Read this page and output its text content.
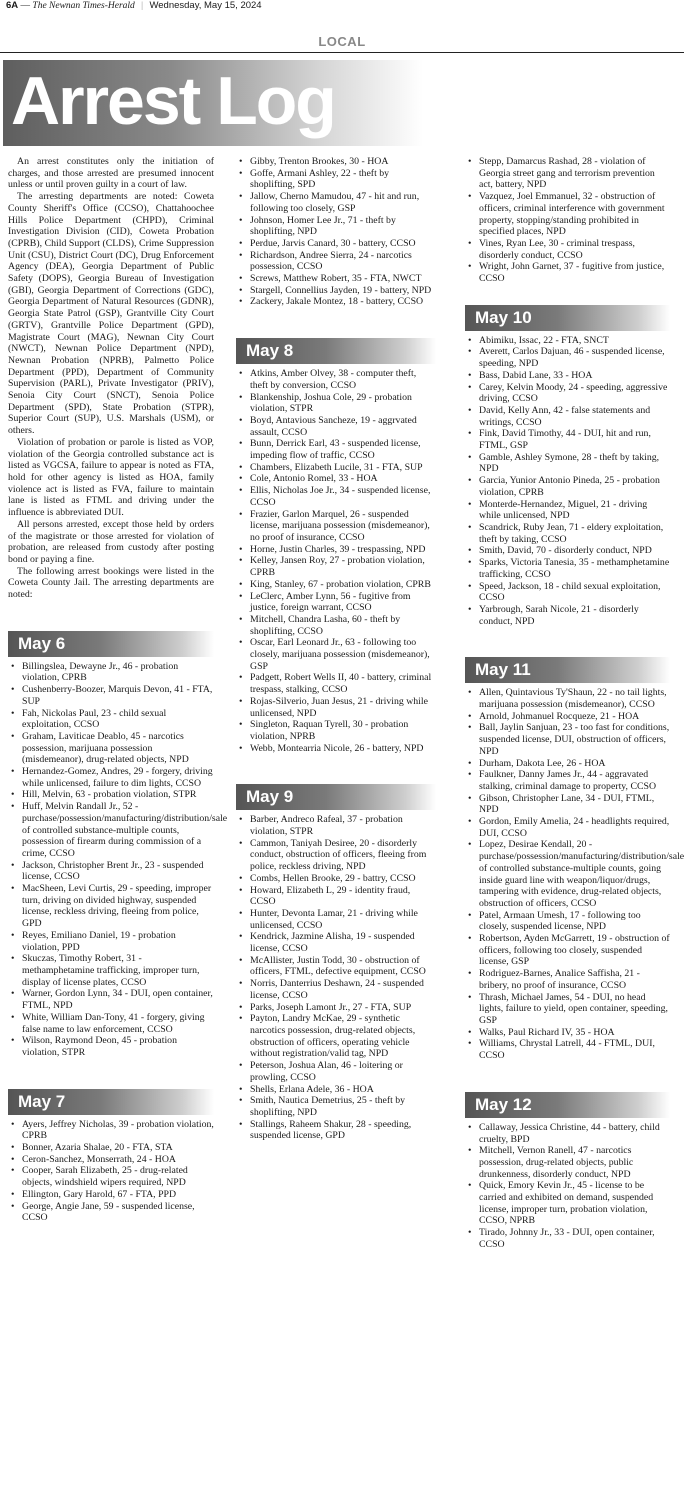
6A — The Newnan Times-Herald | Wednesday, May 15, 2024
LOCAL
Arrest Log

An arrest constitutes only the initiation of charges, and those arrested are presumed innocent unless or until proven guilty in a court of law.

The arresting departments are noted: Coweta County Sheriff's Office (CCSO), Chattahoochee Hills Police Department (CHPD), Criminal Investigation Division (CID), Coweta Probation (CPRB), Child Support (CLDS), Crime Suppression Unit (CSU), District Court (DC), Drug Enforcement Agency (DEA), Georgia Department of Public Safety (DOPS), Georgia Bureau of Investigation (GBI), Georgia Department of Corrections (GDC), Georgia Department of Natural Resources (GDNR), Georgia State Patrol (GSP), Grantville City Court (GRTV), Grantville Police Department (GPD), Magistrate Court (MAG), Newnan City Court (NWCT), Newnan Police Department (NPD), Newnan Probation (NPRB), Palmetto Police Department (PPD), Department of Community Supervision (PARL), Private Investigator (PRIV), Senoia City Court (SNCT), Senoia Police Department (SPD), State Probation (STPR), Superior Court (SUP), U.S. Marshals (USM), or others.

Violation of probation or parole is listed as VOP, violation of the Georgia controlled substance act is listed as VGCSA, failure to appear is noted as FTA, hold for other agency is listed as HOA, family violence act is listed as FVA, failure to maintain lane is listed as FTML and driving under the influence is abbreviated DUI.

All persons arrested, except those held by orders of the magistrate or those arrested for violation of probation, are released from custody after posting bond or paying a fine.

The following arrest bookings were listed in the Coweta County Jail. The arresting departments are noted:

May 6
• Billingslea, Dewayne Jr., 46 - probation violation, CPRB
• Cushenberry-Boozer, Marquis Devon, 41 - FTA, SUP
• Fah, Nickolas Paul, 23 - child sexual exploitation, CCSO
• Graham, Laviticae Deablo, 45 - narcotics possession, marijuana possession (misdemeanor), drug-related objects, NPD
• Hernandez-Gomez, Andres, 29 - forgery, driving while unlicensed, failure to dim lights, CCSO
• Hill, Melvin, 63 - probation violation, STPR
• Huff, Melvin Randall Jr., 52 - purchase/possession/manufacturing/distribution/sale of controlled substance-multiple counts, possession of firearm during commission of a crime, CCSO
• Jackson, Christopher Brent Jr., 23 - suspended license, CCSO
• MacSheen, Levi Curtis, 29 - speeding, improper turn, driving on divided highway, suspended license, reckless driving, fleeing from police, GPD
• Reyes, Emiliano Daniel, 19 - probation violation, PPD
• Skuczas, Timothy Robert, 31 - methamphetamine trafficking, improper turn, display of license plates, CCSO
• Warner, Gordon Lynn, 34 - DUI, open container, FTML, NPD
• White, William Dan-Tony, 41 - forgery, giving false name to law enforcement, CCSO
• Wilson, Raymond Deon, 45 - probation violation, STPR
May 7
• Ayers, Jeffrey Nicholas, 39 - probation violation, CPRB
• Bonner, Azaria Shalae, 20 - FTA, STA
• Ceron-Sanchez, Monserrath, 24 - HOA
• Cooper, Sarah Elizabeth, 25 - drug-related objects, windshield wipers required, NPD
• Ellington, Gary Harold, 67 - FTA, PPD
• George, Angie Jane, 59 - suspended license, CCSO
• Gibby, Trenton Brookes, 30 - HOA
• Goffe, Armani Ashley, 22 - theft by shoplifting, SPD
• Jallow, Cherno Mamudou, 47 - hit and run, following too closely, GSP
• Johnson, Homer Lee Jr., 71 - theft by shoplifting, NPD
• Perdue, Jarvis Canard, 30 - battery, CCSO
• Richardson, Andree Sierra, 24 - narcotics possession, CCSO
• Screws, Matthew Robert, 35 - FTA, NWCT
• Stargell, Connellius Jayden, 19 - battery, NPD
• Zackery, Jakale Montez, 18 - battery, CCSO
May 8
• Atkins, Amber Olvey, 38 - computer theft, theft by conversion, CCSO
• Blankenship, Joshua Cole, 29 - probation violation, STPR
• Boyd, Antavious Sancheze, 19 - aggrvated assault, CCSO
• Bunn, Derrick Earl, 43 - suspended license, impeding flow of traffic, CCSO
• Chambers, Elizabeth Lucile, 31 - FTA, SUP
• Cole, Antonio Romel, 33 - HOA
• Ellis, Nicholas Joe Jr., 34 - suspended license, CCSO
• Frazier, Garlon Marquel, 26 - suspended license, marijuana possession (misdemeanor), no proof of insurance, CCSO
• Horne, Justin Charles, 39 - trespassing, NPD
• Kelley, Jansen Roy, 27 - probation violation, CPRB
• King, Stanley, 67 - probation violation, CPRB
• LeClerc, Amber Lynn, 56 - fugitive from justice, foreign warrant, CCSO
• Mitchell, Chandra Lasha, 60 - theft by shoplifting, CCSO
• Oscar, Earl Leonard Jr., 63 - following too closely, marijuana possession (misdemeanor), GSP
• Padgett, Robert Wells II, 40 - battery, criminal trespass, stalking, CCSO
• Rojas-Silverio, Juan Jesus, 21 - driving while unlicensed, NPD
• Singleton, Raquan Tyrell, 30 - probation violation, NPRB
• Webb, Montearria Nicole, 26 - battery, NPD
May 9
• Barber, Andreco Rafeal, 37 - probation violation, STPR
• Cammon, Taniyah Desiree, 20 - disorderly conduct, obstruction of officers, fleeing from police, reckless driving, NPD
• Combs, Hellen Brooke, 29 - battry, CCSO
• Howard, Elizabeth L, 29 - identity fraud, CCSO
• Hunter, Devonta Lamar, 21 - driving while unlicensed, CCSO
• Kendrick, Jazmine Alisha, 19 - suspended license, CCSO
• McAllister, Justin Todd, 30 - obstruction of officers, FTML, defective equipment, CCSO
• Norris, Danterrius Deshawn, 24 - suspended license, CCSO
• Parks, Joseph Lamont Jr., 27 - FTA, SUP
• Payton, Landry McKae, 29 - synthetic narcotics possession, drug-related objects, obstruction of officers, operating vehicle without registration/valid tag, NPD
• Peterson, Joshua Alan, 46 - loitering or prowling, CCSO
• Shells, Erlana Adele, 36 - HOA
• Smith, Nautica Demetrius, 25 - theft by shoplifting, NPD
• Stallings, Raheem Shakur, 28 - speeding, suspended license, GPD
• Stepp, Damarcus Rashad, 28 - violation of Georgia street gang and terrorism prevention act, battery, NPD
• Vazquez, Joel Emmanuel, 32 - obstruction of officers, criminal interference with government property, stopping/standing prohibited in specified places, NPD
• Vines, Ryan Lee, 30 - criminal trespass, disorderly conduct, CCSO
• Wright, John Garnet, 37 - fugitive from justice, CCSO
May 10
• Abimiku, Issac, 22 - FTA, SNCT
• Averett, Carlos Dajuan, 46 - suspended license, speeding, NPD
• Bass, Dabid Lane, 33 - HOA
• Carey, Kelvin Moody, 24 - speeding, aggressive driving, CCSO
• David, Kelly Ann, 42 - false statements and writings, CCSO
• Fink, David Timothy, 44 - DUI, hit and run, FTML, GSP
• Gamble, Ashley Symone, 28 - theft by taking, NPD
• Garcia, Yunior Antonio Pineda, 25 - probation violation, CPRB
• Monterde-Hernandez, Miguel, 21 - driving while unlicensed, NPD
• Scandrick, Ruby Jean, 71 - eldery exploitation, theft by taking, CCSO
• Smith, David, 70 - disorderly conduct, NPD
• Sparks, Victoria Tanesia, 35 - methamphetamine trafficking, CCSO
• Speed, Jackson, 18 - child sexual exploitation, CCSO
• Yarbrough, Sarah Nicole, 21 - disorderly conduct, NPD
May 11
• Allen, Quintavious Ty'Shaun, 22 - no tail lights, marijuana possession (misdemeanor), CCSO
• Arnold, Johmanuel Rocqueze, 21 - HOA
• Ball, Jaylin Sanjuan, 23 - too fast for conditions, suspended license, DUI, obstruction of officers, NPD
• Durham, Dakota Lee, 26 - HOA
• Faulkner, Danny James Jr., 44 - aggravated stalking, criminal damage to property, CCSO
• Gibson, Christopher Lane, 34 - DUI, FTML, NPD
• Gordon, Emily Amelia, 24 - headlights required, DUI, CCSO
• Lopez, Desirae Kendall, 20 - purchase/possession/manufacturing/distribution/sale of controlled substance-multiple counts, going inside guard line with weapon/liquor/drugs, tampering with evidence, drug-related objects, obstruction of officers, CCSO
• Patel, Armaan Umesh, 17 - following too closely, suspended license, NPD
• Robertson, Ayden McGarrett, 19 - obstruction of officers, following too closely, suspended license, GSP
• Rodriguez-Barnes, Analice Saffisha, 21 - bribery, no proof of insurance, CCSO
• Thrash, Michael James, 54 - DUI, no head lights, failure to yield, open container, speeding, GSP
• Walks, Paul Richard IV, 35 - HOA
• Williams, Chrystal Latrell, 44 - FTML, DUI, CCSO
May 12
• Callaway, Jessica Christine, 44 - battery, child cruelty, BPD
• Mitchell, Vernon Ranell, 47 - narcotics possession, drug-related objects, public drunkenness, disorderly conduct, NPD
• Quick, Emory Kevin Jr., 45 - license to be carried and exhibited on demand, suspended license, improper turn, probation violation, CCSO, NPRB
• Tirado, Johnny Jr., 33 - DUI, open container, CCSO
